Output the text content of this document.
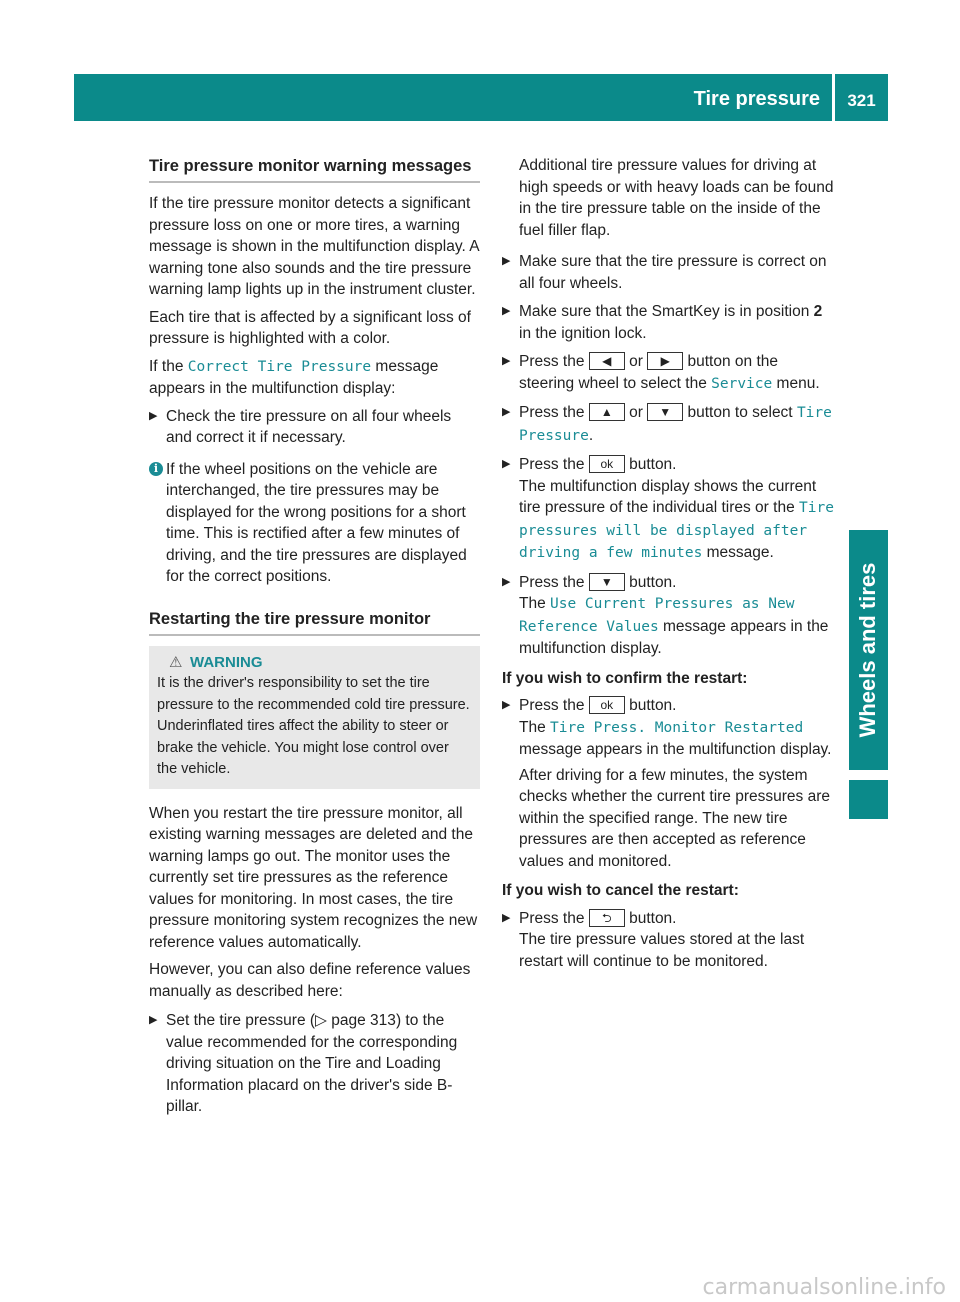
Tire pressure	321
Wheels and tires
Tire pressure monitor warning messages

If the tire pressure monitor detects a significant pressure loss on one or more tires, a warning message is shown in the multifunction display. A warning tone also sounds and the tire pressure warning lamp lights up in the instrument cluster.

Each tire that is affected by a significant loss of pressure is highlighted with a color.

If the Correct Tire Pressure message appears in the multifunction display:

▶ Check the tire pressure on all four wheels and correct it if necessary.
i If the wheel positions on the vehicle are interchanged, the tire pressures may be displayed for the wrong positions for a short time. This is rectified after a few minutes of driving, and the tire pressures are displayed for the correct positions.
Restarting the tire pressure monitor
⚠ WARNING
It is the driver's responsibility to set the tire pressure to the recommended cold tire pressure. Underinflated tires affect the ability to steer or brake the vehicle. You might lose control over the vehicle.

When you restart the tire pressure monitor, all existing warning messages are deleted and the warning lamps go out. The monitor uses the currently set tire pressures as the reference values for monitoring. In most cases, the tire pressure monitoring system recognizes the new reference values automatically.

However, you can also define reference values manually as described here:

▶ Set the tire pressure (▷ page 313) to the value recommended for the corresponding driving situation on the Tire and Loading Information placard on the driver's side B-pillar.

Additional tire pressure values for driving at high speeds or with heavy loads can be found in the tire pressure table on the inside of the fuel filler flap.

▶ Make sure that the tire pressure is correct on all four wheels.
▶ Make sure that the SmartKey is in position 2 in the ignition lock.
▶ Press the ◀ or ▶ button on the steering wheel to select the Service menu.
▶ Press the ▲ or ▼ button to select Tire Pressure.
▶ Press the ok button.
The multifunction display shows the current tire pressure of the individual tires or the Tire pressures will be displayed after driving a few minutes message.
▶ Press the ▼ button.
The Use Current Pressures as New Reference Values message appears in the multifunction display.
If you wish to confirm the restart:
▶ Press the ok button.
The Tire Press. Monitor Restarted message appears in the multifunction display.
After driving for a few minutes, the system checks whether the current tire pressures are within the specified range. The new tire pressures are then accepted as reference values and monitored.
If you wish to cancel the restart:
▶ Press the ⮌ button.
The tire pressure values stored at the last restart will continue to be monitored.
carmanualsonline.info
